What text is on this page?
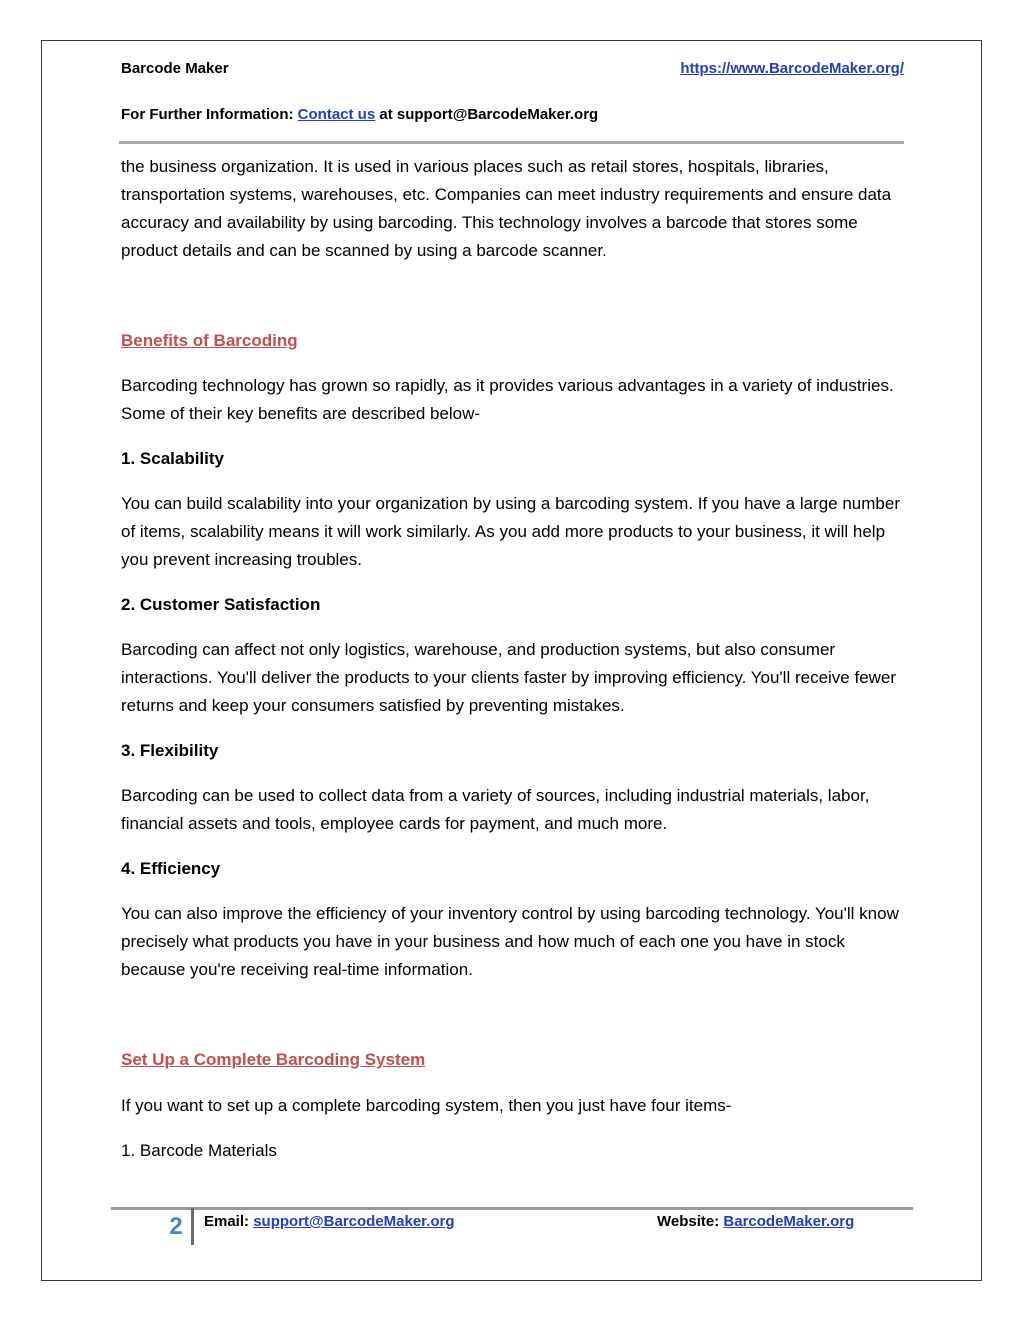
Barcode Maker	https://www.BarcodeMaker.org/
For Further Information: Contact us at support@BarcodeMaker.org
the business organization. It is used in various places such as retail stores, hospitals, libraries, transportation systems, warehouses, etc. Companies can meet industry requirements and ensure data accuracy and availability by using barcoding. This technology involves a barcode that stores some product details and can be scanned by using a barcode scanner.
Benefits of Barcoding
Barcoding technology has grown so rapidly, as it provides various advantages in a variety of industries. Some of their key benefits are described below-
1. Scalability
You can build scalability into your organization by using a barcoding system. If you have a large number of items, scalability means it will work similarly. As you add more products to your business, it will help you prevent increasing troubles.
2. Customer Satisfaction
Barcoding can affect not only logistics, warehouse, and production systems, but also consumer interactions. You'll deliver the products to your clients faster by improving efficiency. You'll receive fewer returns and keep your consumers satisfied by preventing mistakes.
3. Flexibility
Barcoding can be used to collect data from a variety of sources, including industrial materials, labor, financial assets and tools, employee cards for payment, and much more.
4. Efficiency
You can also improve the efficiency of your inventory control by using barcoding technology. You'll know precisely what products you have in your business and how much of each one you have in stock because you're receiving real-time information.
Set Up a Complete Barcoding System
If you want to set up a complete barcoding system, then you just have four items-
1. Barcode Materials
2	Email: support@BarcodeMaker.org	Website: BarcodeMaker.org
